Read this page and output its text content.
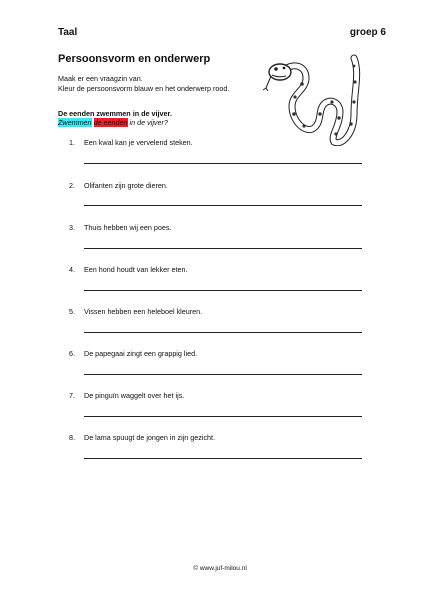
Taal	groep 6
Persoonsvorm en onderwerp
Maak er een vraagzin van.
Kleur de persoonsvorm blauw en het onderwerp rood.
De eenden zwemmen in de vijver.
Zwemmen de eenden in de vijver?
1. Een kwal kan je vervelend steken.
2. Olifanten zijn grote dieren.
3. Thuis hebben wij een poes.
4. Een hond houdt van lekker eten.
5. Vissen hebben een heleboel kleuren.
6. De papegaai zingt een grappig lied.
7. De pinguïn waggelt over het ijs.
8. De lama spuugt de jongen in zijn gezicht.
© www.juf-milou.nl
